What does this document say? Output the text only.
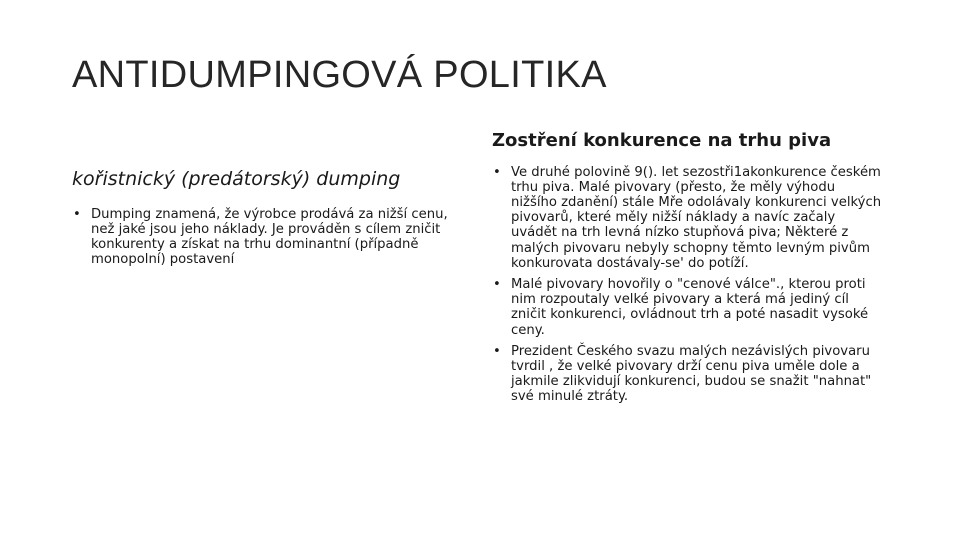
ANTIDUMPINGOVÁ POLITIKA
kořistnický (predátorský) dumping
• Dumping znamená, že výrobce prodává za nižší cenu, než jaké jsou jeho náklady. Je prováděn s cílem zničit konkurenty a získat na trhu dominantní (případně monopolní) postavení
Zostření konkurence na trhu piva
• Ve druhé polovině 9(). let sezostři1akonkurence českém trhu piva. Malé pivovary (přesto, že měly výhodu nižšího zdanění) stále Mře odolávaly konkurenci velkých pivovarů, které měly nižší náklady a navíc začaly uvádět na trh levná nízko stupňová piva; Některé z malých pivovaru nebyly schopny těmto levným pivům konkurovata dostávaly-se' do potíží.
• Malé pivovary hovořily o "cenové válce"., kterou proti nim rozpoutaly velké pivovary a která má jediný cíl zničit konkurenci, ovládnout trh a poté nasadit vysoké ceny.
• Prezident Českého svazu malých nezávislých pivovaru tvrdil , že velké pivovary drží cenu piva uměle dole a jakmile zlikvidují konkurenci, budou se snažit "nahnat" své minulé ztráty.
